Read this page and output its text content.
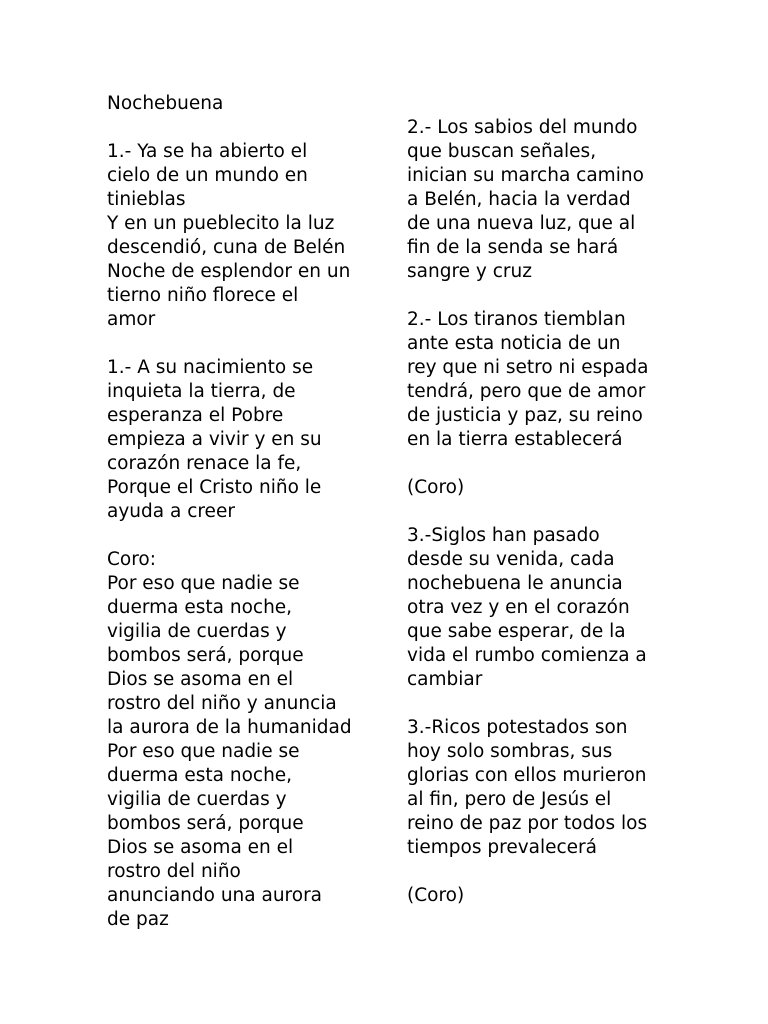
Nochebuena
1.- Ya se ha abierto el
cielo de un mundo en
tinieblas
Y en un pueblecito la luz
descendió, cuna de Belén
Noche de esplendor en un
tierno niño florece el
amor
1.- A su nacimiento se
inquieta la tierra, de
esperanza el Pobre
empieza a vivir y en su
corazón renace la fe,
Porque el Cristo niño le
ayuda a creer
Coro:
Por eso que nadie se
duerma esta noche,
vigilia de cuerdas y
bombos será, porque
Dios se asoma en el
rostro del niño y anuncia
la aurora de la humanidad
Por eso que nadie se
duerma esta noche,
vigilia de cuerdas y
bombos será, porque
Dios se asoma en el
rostro del niño
anunciando una aurora
de paz
2.- Los sabios del mundo
que buscan señales,
inician su marcha camino
a Belén, hacia la verdad
de una nueva luz, que al
fin de la senda se hará
sangre y cruz
2.- Los tiranos tiemblan
ante esta noticia de un
rey que ni setro ni espada
tendrá, pero que de amor
de justicia y paz, su reino
en la tierra establecerá
(Coro)
3.-Siglos han pasado
desde su venida, cada
nochebuena le anuncia
otra vez y en el corazón
que sabe esperar, de la
vida el rumbo comienza a
cambiar
3.-Ricos potestados son
hoy solo sombras, sus
glorias con ellos murieron
al fin, pero de Jesús el
reino de paz por todos los
tiempos prevalecerá
(Coro)
